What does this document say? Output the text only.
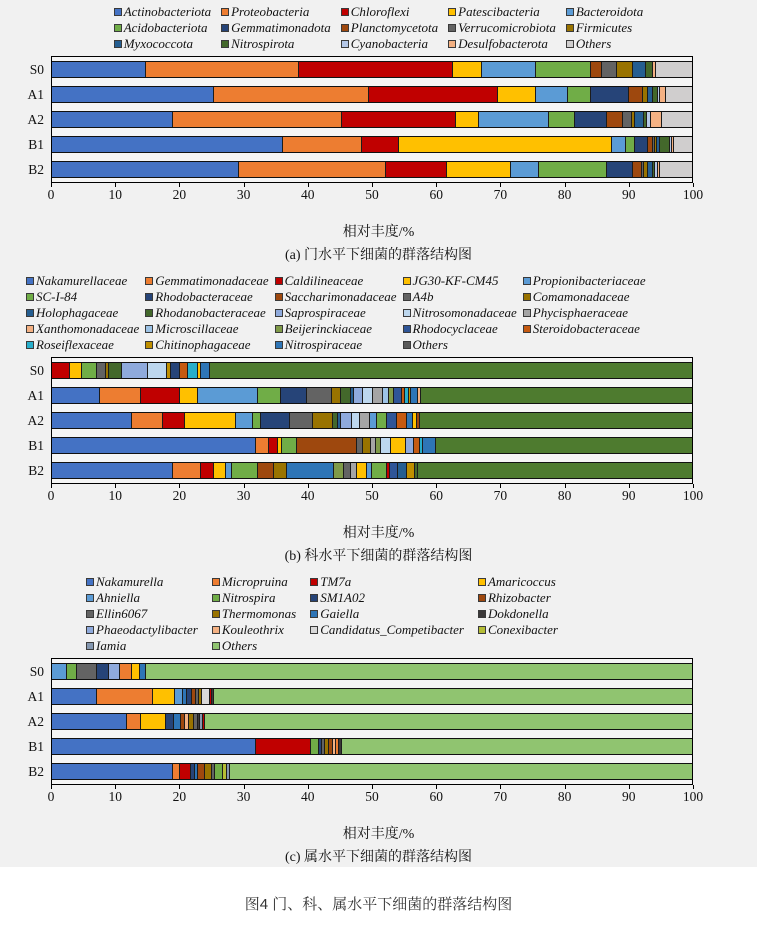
Actinobacteriota Proteobacteria	Chloroflexi	Patescibacteria	Bacteroidota
Acidobacteriota Gemmatimonadota Planctomycetota Verrucomicrobiota Firmicutes
Myxococcota	Nitrospirota	Cyanobacteria Desulfobacterota Others
S0
A1
A2
B1
B2
0	10	20	30	40	50	60	70	80	90	100
相对丰度/%
(a) 门水平下细菌的群落结构图
Nakamurellaceae Gemmatimonadaceae Caldilineaceae	JG30-KF-CM45	Propionibacteriaceae
SC-I-84	Rhodobacteraceae Saccharimonadaceae A4b	Comamonadaceae
Holophagaceae	Rhodanobacteraceae Saprospiraceae	Nitrosomonadaceae Phycisphaeraceae
Xanthomonadaceae Microscillaceae	Beijerinckiaceae	Rhodocyclaceae	Steroidobacteraceae
Roseiflexaceae	Chitinophagaceae	Nitrospiraceae	Others
S0
A1
A2
B1
B2
0	10	20	30	40	50	60	70	80	90	100
相对丰度/%
(b) 科水平下细菌的群落结构图
Nakamurella	Micropruina TM7a	Amaricoccus
Ahniella	Nitrospira	SM1A02	Rhizobacter
Ellin6067	Thermomonas Gaiella	Dokdonella
Phaeodactylibacter Kouleothrix	Candidatus_Competibacter Conexibacter
Iamia	Others
S0
A1
A2
B1
B2
0	10	20	30	40	50	60	70	80	90	100
相对丰度/%
(c) 属水平下细菌的群落结构图
图4 门、科、属水平下细菌的群落结构图
